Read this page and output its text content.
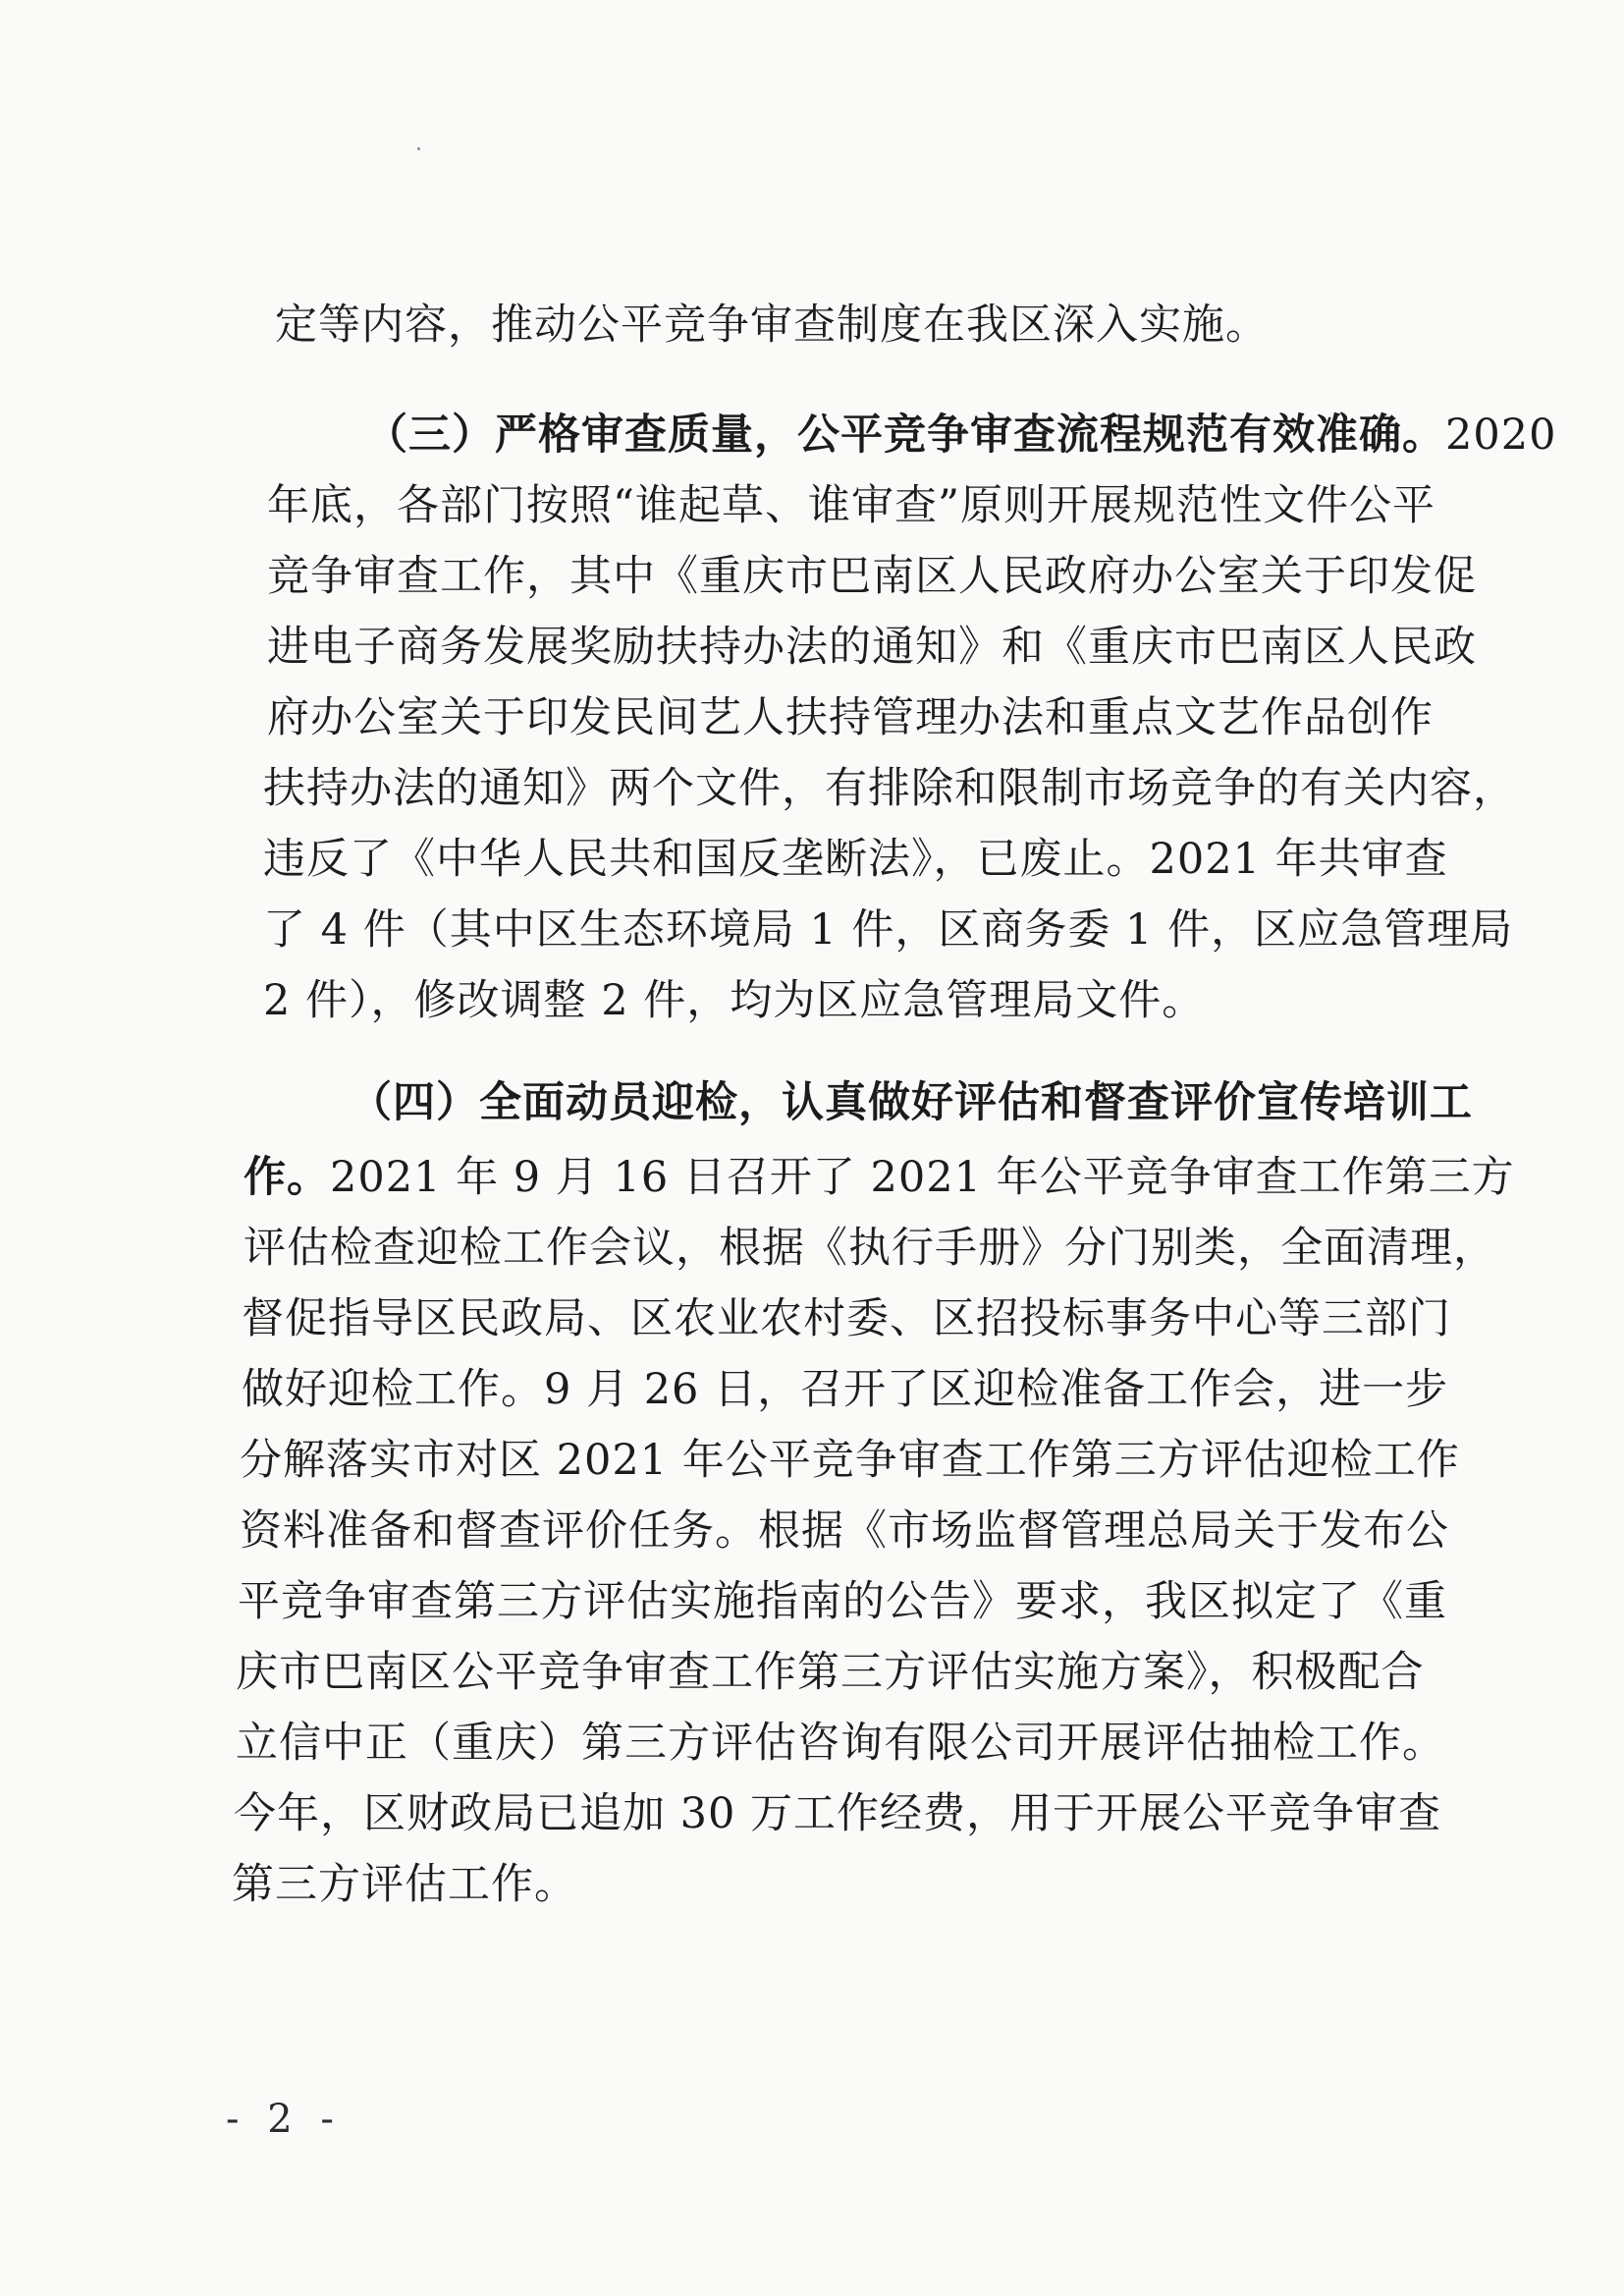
定等内容，推动公平竞争审查制度在我区深入实施。
（三）严格审查质量，公平竞争审查流程规范有效准确。2020
年底，各部门按照“谁起草、谁审查”原则开展规范性文件公平
竞争审查工作，其中《重庆市巴南区人民政府办公室关于印发促
进电子商务发展奖励扶持办法的通知》和《重庆市巴南区人民政
府办公室关于印发民间艺人扶持管理办法和重点文艺作品创作
扶持办法的通知》两个文件，有排除和限制市场竞争的有关内容，
违反了《中华人民共和国反垄断法》，已废止。2021 年共审查
了 4 件（其中区生态环境局 1 件，区商务委 1 件，区应急管理局
2 件），修改调整 2 件，均为区应急管理局文件。
（四）全面动员迎检，认真做好评估和督查评价宣传培训工
作。2021 年 9 月 16 日召开了 2021 年公平竞争审查工作第三方
评估检查迎检工作会议，根据《执行手册》分门别类，全面清理，
督促指导区民政局、区农业农村委、区招投标事务中心等三部门
做好迎检工作。9 月 26 日，召开了区迎检准备工作会，进一步
分解落实市对区 2021 年公平竞争审查工作第三方评估迎检工作
资料准备和督查评价任务。根据《市场监督管理总局关于发布公
平竞争审查第三方评估实施指南的公告》要求，我区拟定了《重
庆市巴南区公平竞争审查工作第三方评估实施方案》，积极配合
立信中正（重庆）第三方评估咨询有限公司开展评估抽检工作。
今年，区财政局已追加 30 万工作经费，用于开展公平竞争审查
第三方评估工作。
- 2 -
